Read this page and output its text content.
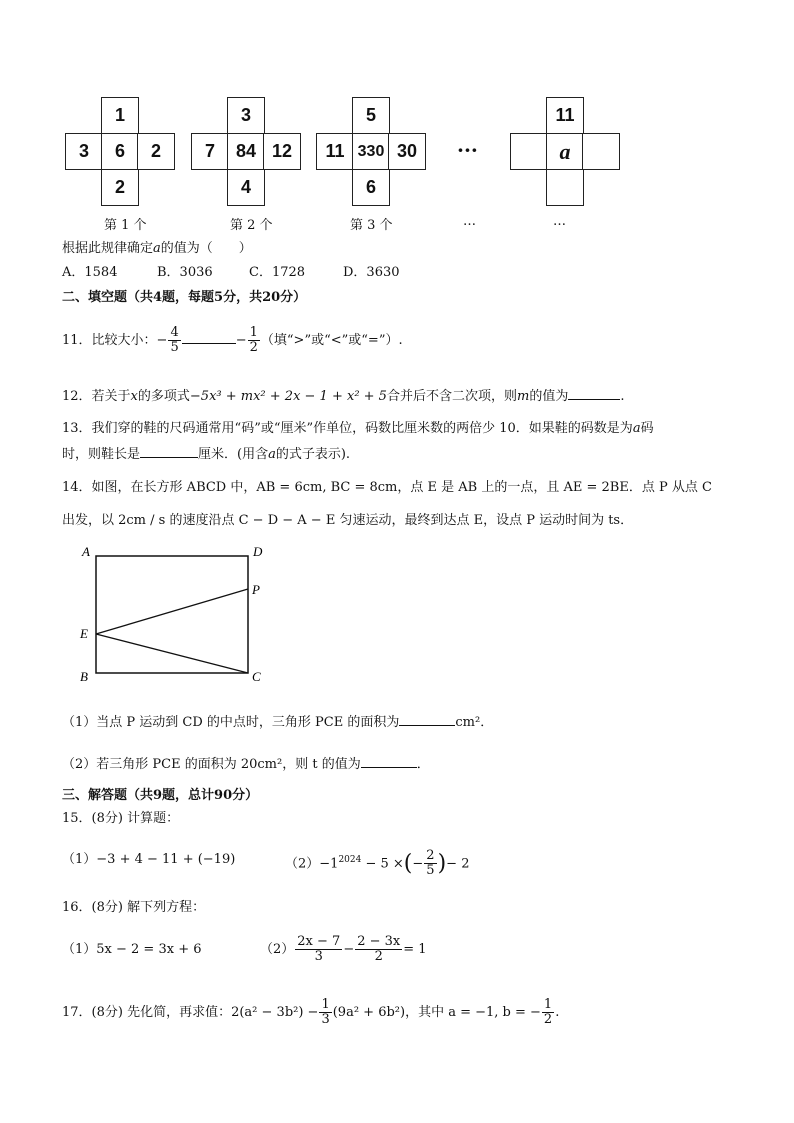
1
3	6	2
2
第 1 个
3
7	84 12
4
第 2 个
5
11 330 30
6
第 3 个
11
a
…
···
…
根据此规律确定a的值为（　　）
A．1584	B．3036	C．1728	D．3630
二、填空题（共4题，每题5分，共20分）
11．比较大小：− $\frac{4}{5}$	− $\frac{1}{2}$ （填“>”或“<”或“=”）.
12．若关于x的多项式−5x³ + mx² + 2x − 1 + x² + 5合并后不含二次项，则m的值为	.
13．我们穿的鞋的尺码通常用“码”或“厘米”作单位，码数比厘米数的两倍少 10．如果鞋的码数是为a码
时，则鞋长是	厘米．(用含a的式子表示).
14．如图，在长方形 ABCD 中，AB = 6cm, BC = 8cm，点 E 是 AB 上的一点，且 AE = 2BE．点 P 从点 C
出发，以 2cm / s 的速度沿点 C − D − A − E 匀速运动，最终到达点 E，设点 P 运动时间为 ts．
A	D
P
E
B	C
（1）当点 P 运动到 CD 的中点时，三角形 PCE 的面积为	cm²．
（2）若三角形 PCE 的面积为 20cm²，则 t 的值为	．
三、解答题（共9题，总计90分）
15．(8分) 计算题：
（1）−3 + 4 − 11 + (−19)	$(2)-1^{2024} - 5$ ×(− $\frac{2}{5}$ )− 2
16．(8分) 解下列方程：
（1）5x − 2 = 3x + 6	$(2) \frac{2x - 7}{3} - \frac{2 - 3x}{2} = 1$
17．(8分) 先化简，再求值：$2(a^2 - 3b^2) - \frac{1}{3} (9a^2 + 6b^2)$，其中 a = −1, b = − $\frac{1}{2}$ .
